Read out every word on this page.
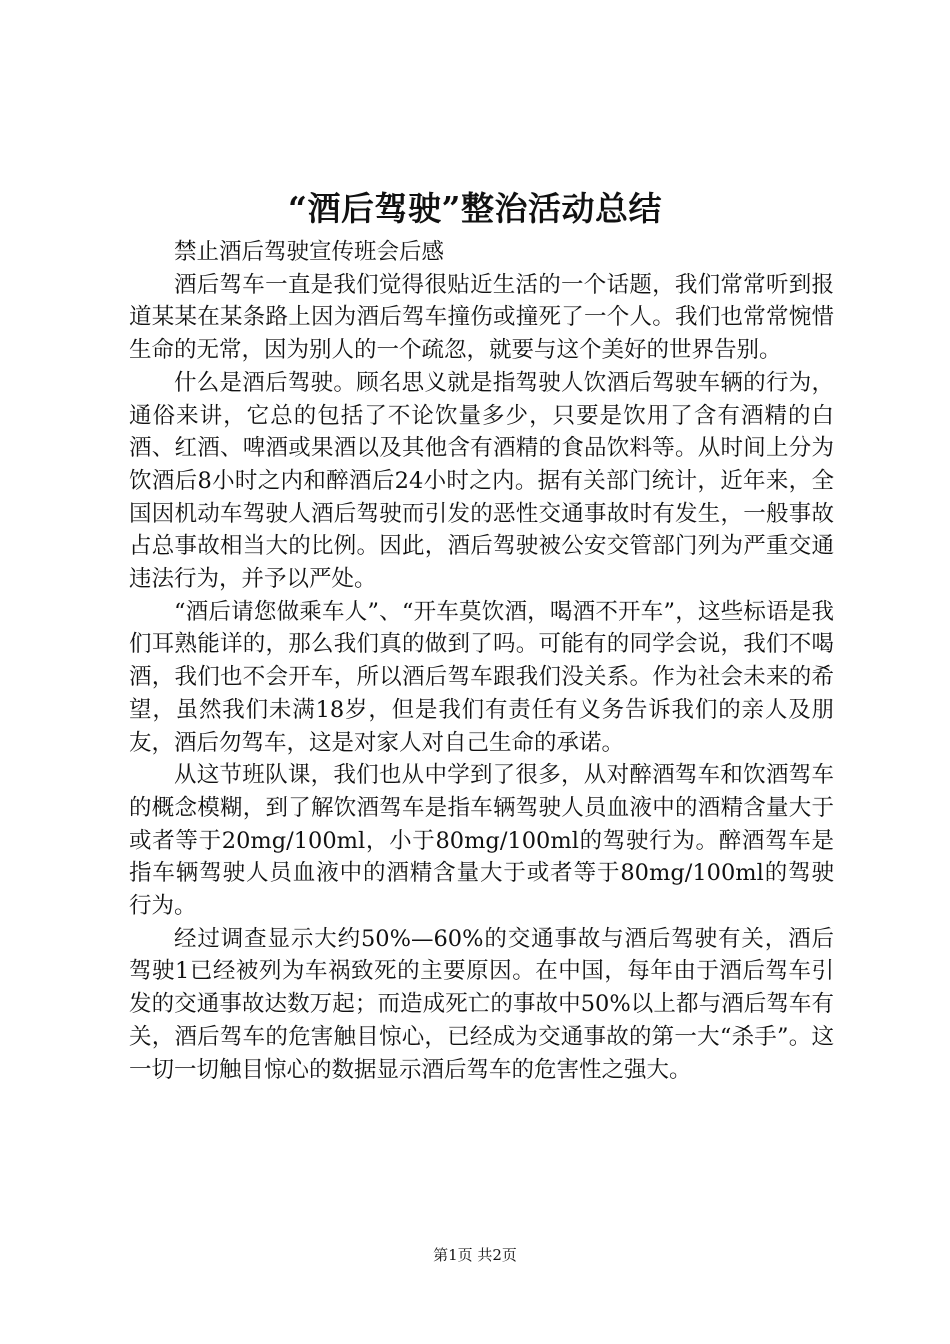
“酒后驾驶”整治活动总结

禁止酒后驾驶宣传班会后感

酒后驾车一直是我们觉得很贴近生活的一个话题，我们常常听到报道某某在某条路上因为酒后驾车撞伤或撞死了一个人。我们也常常惋惜生命的无常，因为别人的一个疏忽，就要与这个美好的世界告别。

什么是酒后驾驶。顾名思义就是指驾驶人饮酒后驾驶车辆的行为，通俗来讲，它总的包括了不论饮量多少，只要是饮用了含有酒精的白酒、红酒、啤酒或果酒以及其他含有酒精的食品饮料等。从时间上分为饮酒后8小时之内和醉酒后24小时之内。据有关部门统计，近年来，全国因机动车驾驶人酒后驾驶而引发的恶性交通事故时有发生，一般事故占总事故相当大的比例。因此，酒后驾驶被公安交管部门列为严重交通违法行为，并予以严处。

“酒后请您做乘车人”、“开车莫饮酒，喝酒不开车”，这些标语是我们耳熟能详的，那么我们真的做到了吗。可能有的同学会说，我们不喝酒，我们也不会开车，所以酒后驾车跟我们没关系。作为社会未来的希望，虽然我们未满18岁，但是我们有责任有义务告诉我们的亲人及朋友，酒后勿驾车，这是对家人对自己生命的承诺。

从这节班队课，我们也从中学到了很多，从对醉酒驾车和饮酒驾车的概念模糊，到了解饮酒驾车是指车辆驾驶人员血液中的酒精含量大于或者等于20mg/100ml，小于80mg/100ml的驾驶行为。醉酒驾车是指车辆驾驶人员血液中的酒精含量大于或者等于80mg/100ml的驾驶行为。

经过调查显示大约50%—60%的交通事故与酒后驾驶有关，酒后驾驶1已经被列为车祸致死的主要原因。在中国，每年由于酒后驾车引发的交通事故达数万起；而造成死亡的事故中50%以上都与酒后驾车有关，酒后驾车的危害触目惊心，已经成为交通事故的第一大“杀手”。这一切一切触目惊心的数据显示酒后驾车的危害性之强大。

第1页 共2页
